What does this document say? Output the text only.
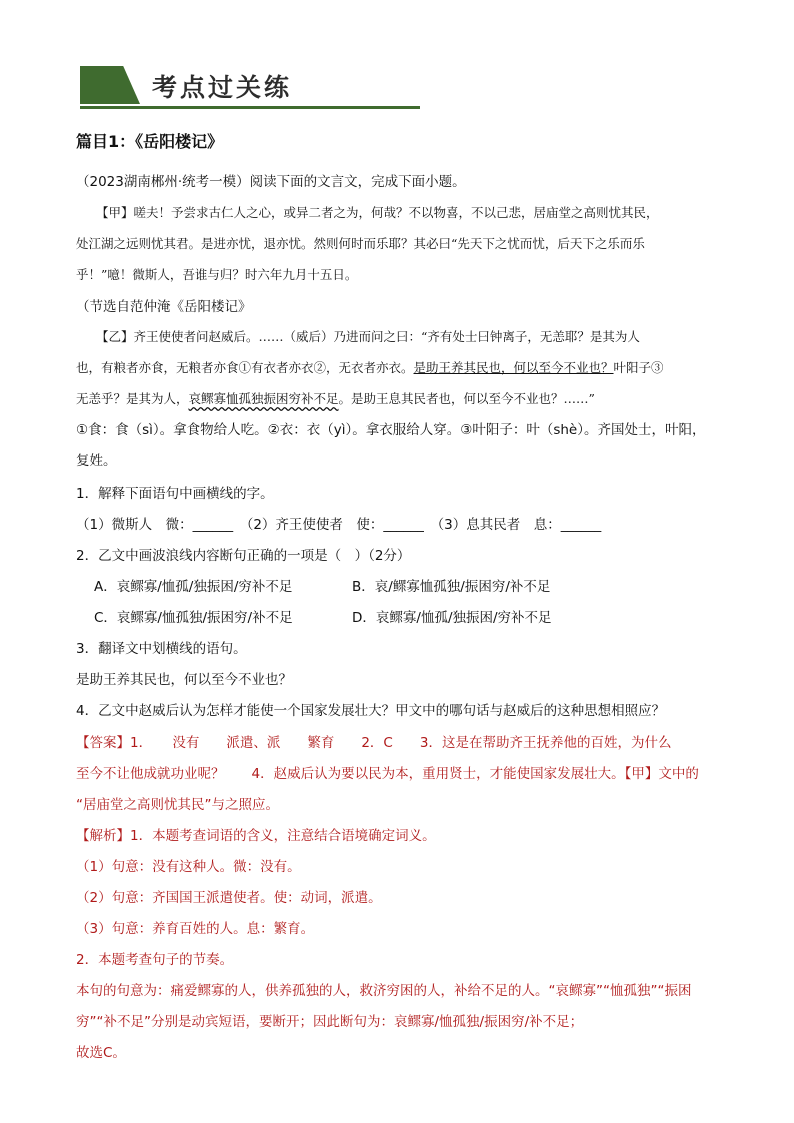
考点过关练
篇目1：《岳阳楼记》
（2023湖南郴州·统考一模）阅读下面的文言文，完成下面小题。
【甲】嗟夫！予尝求古仁人之心，或异二者之为，何哉？不以物喜，不以己悲，居庙堂之高则忧其民，
处江湖之远则忧其君。是进亦忧，退亦忧。然则何时而乐耶？其必曰“先天下之忧而忧，后天下之乐而乐
乎！”噫！微斯人，吾谁与归？时六年九月十五日。
（节选自范仲淹《岳阳楼记》
【乙】齐王使使者问赵威后。……（威后）乃进而问之曰：“齐有处士曰钟离子，无恙耶？是其为人
也，有粮者亦食，无粮者亦食①有衣者亦衣②，无衣者亦衣。是助王养其民也，何以至今不业也？叶阳子③
无恙乎？是其为人，哀鳏寡恤孤独振困穷补不足。是助王息其民者也，何以至今不业也？……”
①食：食（sì）。拿食物给人吃。②衣：衣（yì）。拿衣服给人穿。③叶阳子：叶（shè）。齐国处士，叶阳，
复姓。
1．解释下面语句中画横线的字。
（1）微斯人　微：______　（2）齐王使使者　使：______　（3）息其民者　息：______
2．乙文中画波浪线内容断句正确的一项是（　）（2分）
A．哀鳏寡/恤孤/独振困/穷补不足	B．哀/鳏寡恤孤独/振困穷/补不足
C．哀鳏寡/恤孤独/振困穷/补不足	D．哀鳏寡/恤孤/独振困/穷补不足
3．翻译文中划横线的语句。
是助王养其民也，何以至今不业也？
4．乙文中赵威后认为怎样才能使一个国家发展壮大？甲文中的哪句话与赵威后的这种思想相照应？
【答案】1．　　没有　　派遣、派　　繁育　　2．C　　3．这是在帮助齐王抚养他的百姓，为什么
至今不让他成就功业呢？　　4．赵威后认为要以民为本，重用贤士，才能使国家发展壮大。【甲】文中的
“居庙堂之高则忧其民”与之照应。
【解析】1．本题考查词语的含义，注意结合语境确定词义。
（1）句意：没有这种人。微：没有。
（2）句意：齐国国王派遣使者。使：动词，派遣。
（3）句意：养育百姓的人。息：繁育。
2．本题考查句子的节奏。
本句的句意为：痛爱鳏寡的人，供养孤独的人，救济穷困的人，补给不足的人。“哀鳏寡”“恤孤独”“振困
穷”“补不足”分别是动宾短语，要断开；因此断句为：哀鳏寡/恤孤独/振困穷/补不足；
故选C。
